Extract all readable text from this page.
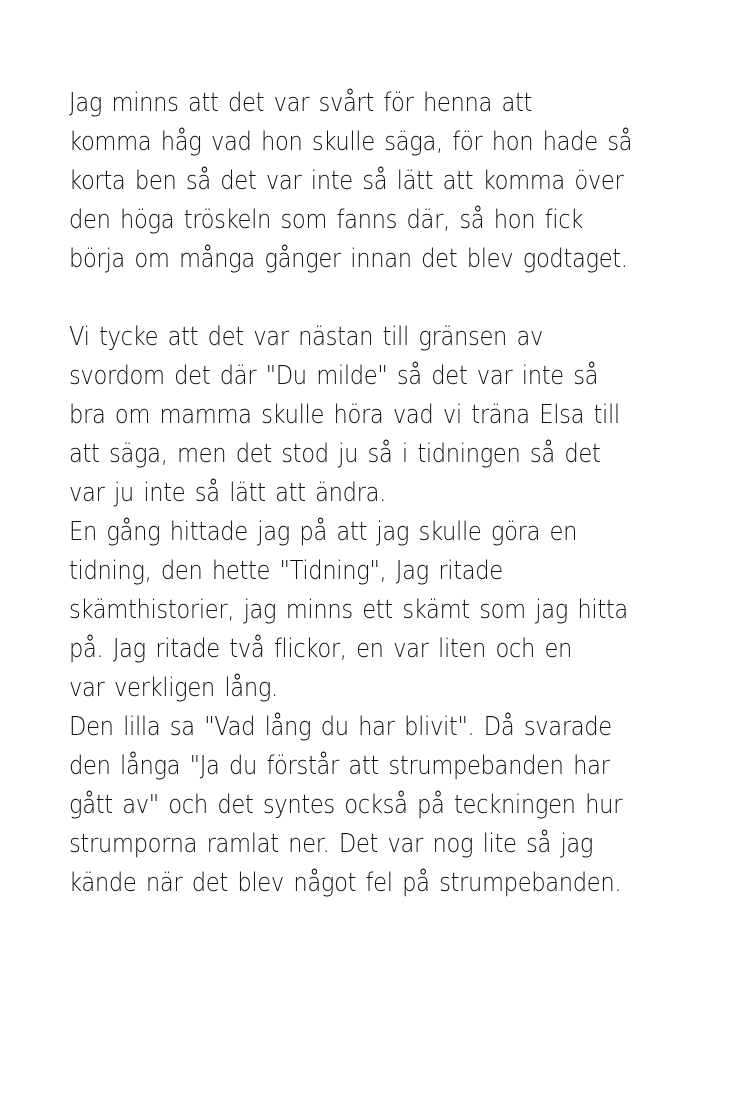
Jag minns att det var svårt för henna att
komma håg vad hon skulle säga, för hon hade så
korta ben så det var inte så lätt att komma över
den höga tröskeln som fanns där, så hon fick
börja om många gånger innan det blev godtaget.
Vi tycke att det var nästan till gränsen av
svordom det där "Du milde" så det var inte så
bra om mamma skulle höra vad vi träna Elsa till
att säga, men det stod ju så i tidningen så det
var ju inte så lätt att ändra.
En gång hittade jag på att jag skulle göra en
tidning, den hette "Tidning", Jag ritade
skämthistorier, jag minns ett skämt som jag hitta
på. Jag ritade två flickor, en var liten och en
var verkligen lång.
Den lilla sa "Vad lång du har blivit". Då svarade
den långa "Ja du förstår att strumpebanden har
gått av" och det syntes också på teckningen hur
strumporna ramlat ner. Det var nog lite så jag
kände när det blev något fel på strumpebanden.
